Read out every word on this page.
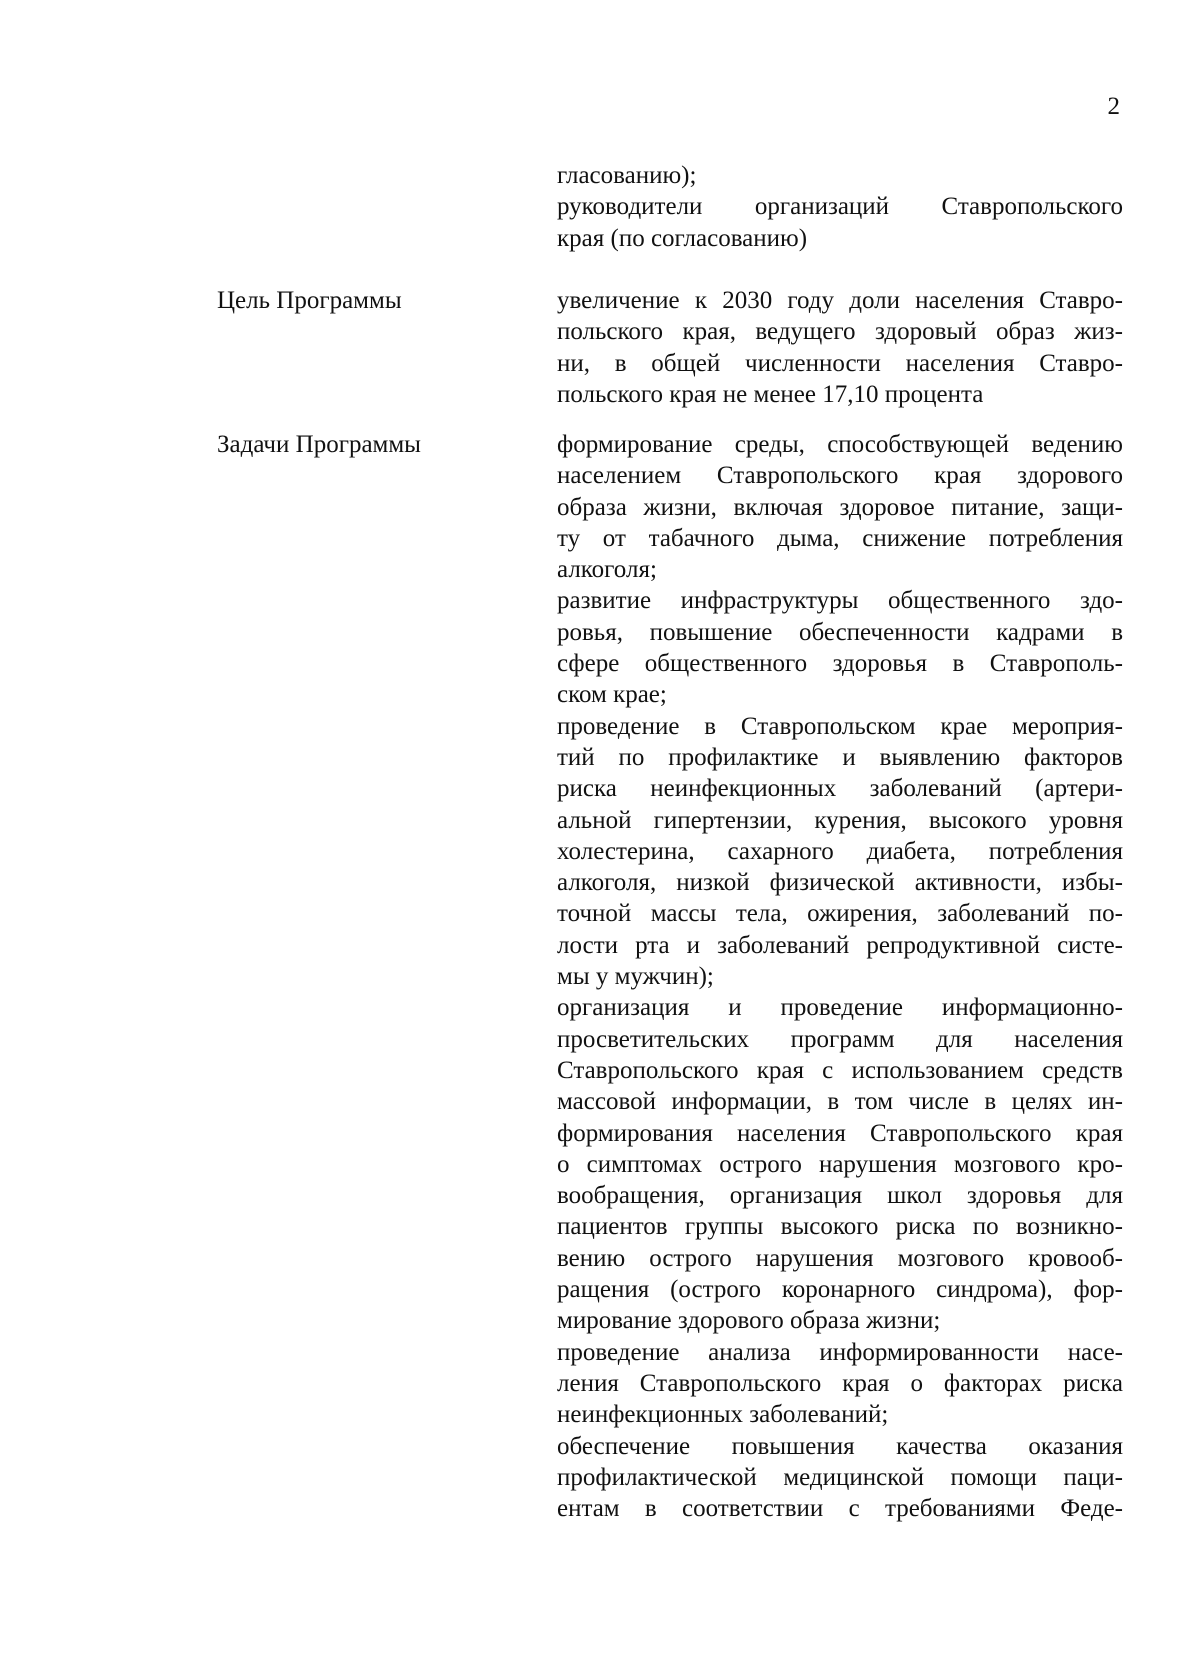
2
гласованию);
руководители организаций Ставропольского
края (по согласованию)
Цель Программы	увеличение к 2030 году доли населения Ставро-
польского края, ведущего здоровый образ жиз-
ни, в общей численности населения Ставро-
польского края не менее 17,10 процента
Задачи Программы	формирование среды, способствующей ведению
населением Ставропольского края здорового
образа жизни, включая здоровое питание, защи-
ту от табачного дыма, снижение потребления
алкоголя;
развитие инфраструктуры общественного здо-
ровья, повышение обеспеченности кадрами в
сфере общественного здоровья в Ставрополь-
ском крае;
проведение в Ставропольском крае мероприя-
тий по профилактике и выявлению факторов
риска неинфекционных заболеваний (артери-
альной гипертензии, курения, высокого уровня
холестерина, сахарного диабета, потребления
алкоголя, низкой физической активности, избы-
точной массы тела, ожирения, заболеваний по-
лости рта и заболеваний репродуктивной систе-
мы у мужчин);
организация и проведение информационно-
просветительских программ для населения
Ставропольского края с использованием средств
массовой информации, в том числе в целях ин-
формирования населения Ставропольского края
о симптомах острого нарушения мозгового кро-
вообращения, организация школ здоровья для
пациентов группы высокого риска по возникно-
вению острого нарушения мозгового кровооб-
ращения (острого коронарного синдрома), фор-
мирование здорового образа жизни;
проведение анализа информированности насе-
ления Ставропольского края о факторах риска
неинфекционных заболеваний;
обеспечение повышения качества оказания
профилактической медицинской помощи паци-
ентам в соответствии с требованиями Феде-
